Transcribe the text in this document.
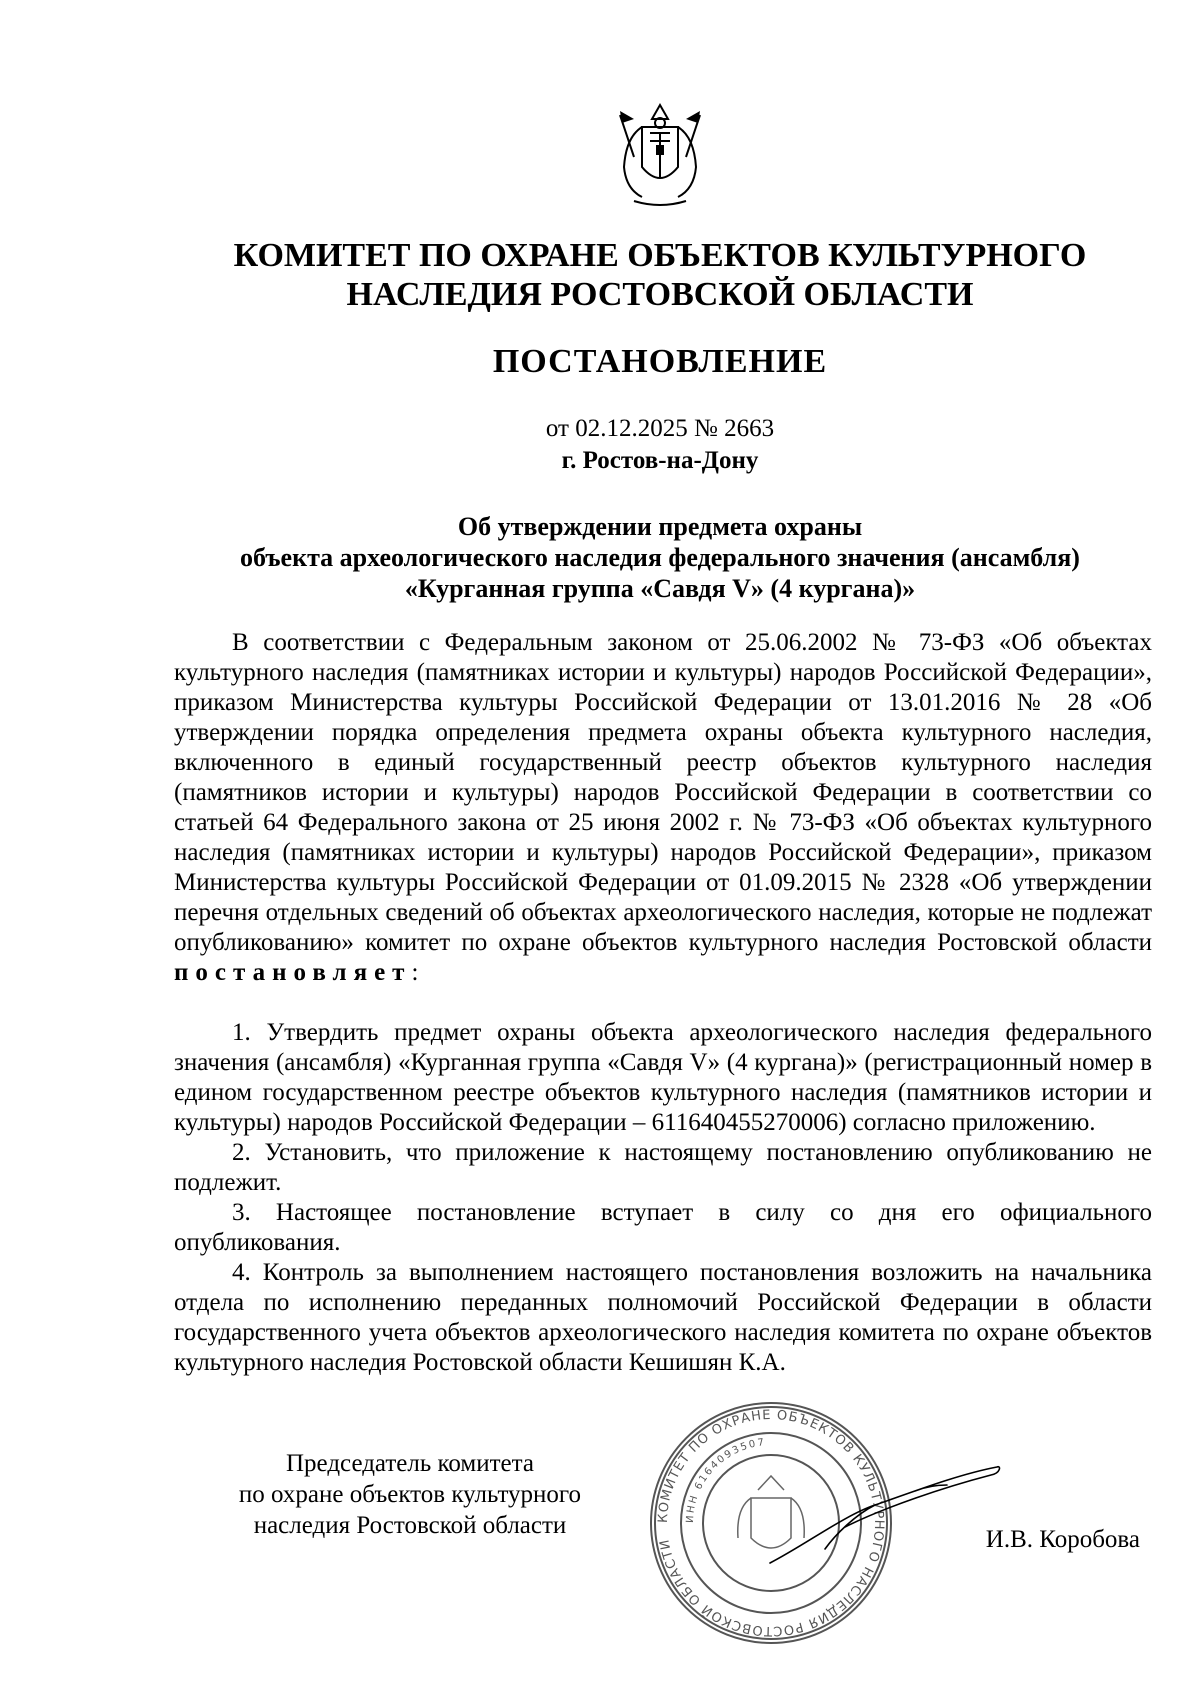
КОМИТЕТ ПО ОХРАНЕ ОБЪЕКТОВ КУЛЬТУРНОГО
НАСЛЕДИЯ РОСТОВСКОЙ ОБЛАСТИ
ПОСТАНОВЛЕНИЕ
от 02.12.2025 № 2663
г. Ростов-на-Дону
Об утверждении предмета охраны
объекта археологического наследия федерального значения (ансамбля)
«Курганная группа «Савдя V» (4 кургана)»

В соответствии с Федеральным законом от 25.06.2002 № 73-ФЗ «Об объектах культурного наследия (памятниках истории и культуры) народов Российской Федерации», приказом Министерства культуры Российской Федерации от 13.01.2016 № 28 «Об утверждении порядка определения предмета охраны объекта культурного наследия, включенного в единый государственный реестр объектов культурного наследия (памятников истории и культуры) народов Российской Федерации в соответствии со статьей 64 Федерального закона от 25 июня 2002 г. № 73-ФЗ «Об объектах культурного наследия (памятниках истории и культуры) народов Российской Федерации», приказом Министерства культуры Российской Федерации от 01.09.2015 № 2328 «Об утверждении перечня отдельных сведений об объектах археологического наследия, которые не подлежат опубликованию» комитет по охране объектов культурного наследия Ростовской области постановляет:

1. Утвердить предмет охраны объекта археологического наследия федерального значения (ансамбля) «Курганная группа «Савдя V» (4 кургана)» (регистрационный номер в едином государственном реестре объектов культурного наследия (памятников истории и культуры) народов Российской Федерации – 611640455270006) согласно приложению.

2. Установить, что приложение к настоящему постановлению опубликованию не подлежит.

3. Настоящее постановление вступает в силу со дня его официального опубликования.

4. Контроль за выполнением настоящего постановления возложить на начальника отдела по исполнению переданных полномочий Российской Федерации в области государственного учета объектов археологического наследия комитета по охране объектов культурного наследия Ростовской области Кешишян К.А.

Председатель комитета
по охране объектов культурного
наследия Ростовской области	КОМИТЕТ ПО ОХРАНЕ ОБЪЕКТОВ КУЛЬТУРНОГО НАСЛЕДИЯ РОСТОВСКОЙ ОБЛАСТИ
ИНН 6164093507
И.В. Коробова
